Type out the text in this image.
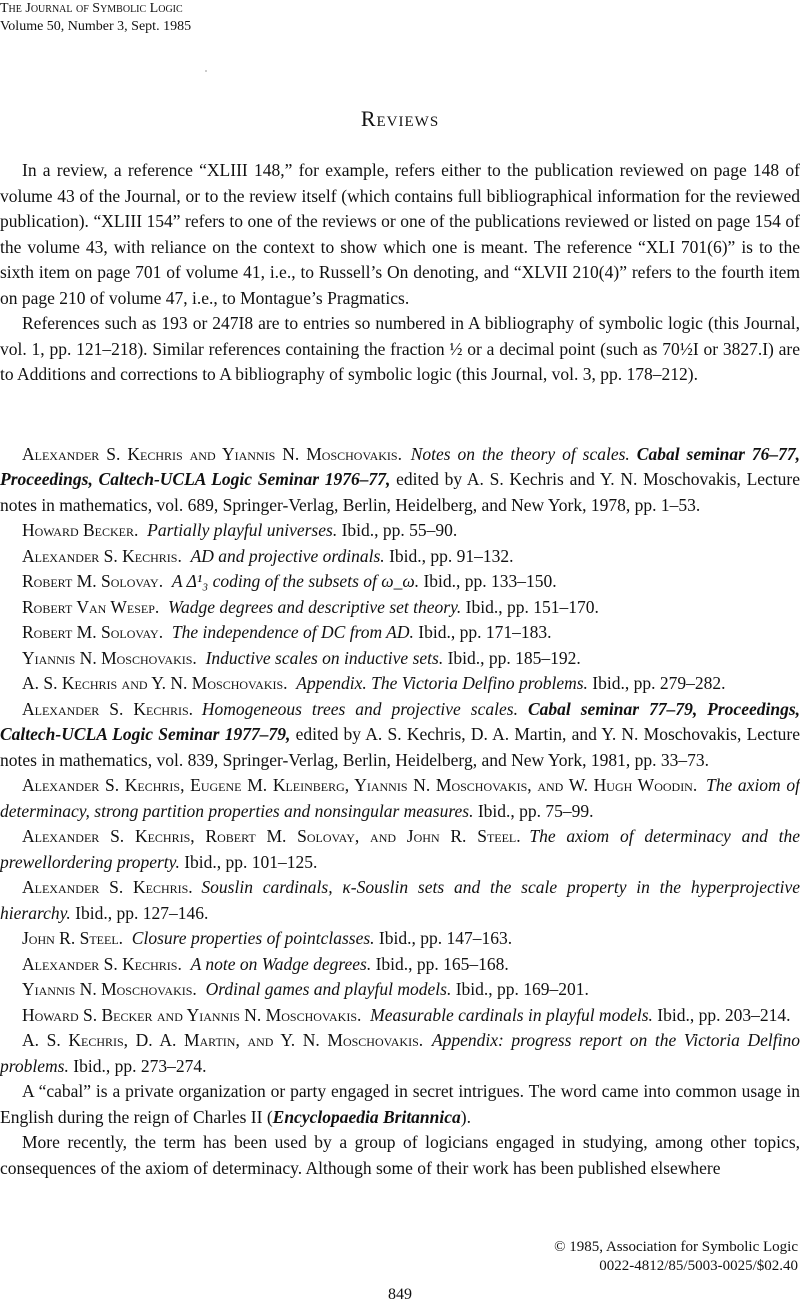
The Journal of Symbolic Logic
Volume 50, Number 3, Sept. 1985
Reviews

In a review, a reference “XLIII 148,” for example, refers either to the publication reviewed on page 148 of volume 43 of the Journal, or to the review itself (which contains full bibliographical information for the reviewed publication). “XLIII 154” refers to one of the reviews or one of the publications reviewed or listed on page 154 of the volume 43, with reliance on the context to show which one is meant. The reference “XLI 701(6)” is to the sixth item on page 701 of volume 41, i.e., to Russell’s On denoting, and “XLVII 210(4)” refers to the fourth item on page 210 of volume 47, i.e., to Montague’s Pragmatics.

References such as 193 or 247I8 are to entries so numbered in A bibliography of symbolic logic (this Journal, vol. 1, pp. 121–218). Similar references containing the fraction ½ or a decimal point (such as 70½I or 3827.I) are to Additions and corrections to A bibliography of symbolic logic (this Journal, vol. 3, pp. 178–212).

Alexander S. Kechris and Yiannis N. Moschovakis.  Notes on the theory of scales. Cabal seminar 76–77, Proceedings, Caltech-UCLA Logic Seminar 1976–77, edited by A. S. Kechris and Y. N. Moschovakis, Lecture notes in mathematics, vol. 689, Springer-Verlag, Berlin, Heidelberg, and New York, 1978, pp. 1–53.

Howard Becker.  Partially playful universes. Ibid., pp. 55–90.

Alexander S. Kechris.  AD and projective ordinals. Ibid., pp. 91–132.

Robert M. Solovay.  A Δ¹₃ coding of the subsets of ω_ω. Ibid., pp. 133–150.

Robert Van Wesep.  Wadge degrees and descriptive set theory. Ibid., pp. 151–170.

Robert M. Solovay.  The independence of DC from AD. Ibid., pp. 171–183.

Yiannis N. Moschovakis.  Inductive scales on inductive sets. Ibid., pp. 185–192.

A. S. Kechris and Y. N. Moschovakis.  Appendix. The Victoria Delfino problems. Ibid., pp. 279–282.

Alexander S. Kechris.  Homogeneous trees and projective scales. Cabal seminar 77–79, Proceedings, Caltech-UCLA Logic Seminar 1977–79, edited by A. S. Kechris, D. A. Martin, and Y. N. Moschovakis, Lecture notes in mathematics, vol. 839, Springer-Verlag, Berlin, Heidelberg, and New York, 1981, pp. 33–73.

Alexander S. Kechris, Eugene M. Kleinberg, Yiannis N. Moschovakis, and W. Hugh Woodin.  The axiom of determinacy, strong partition properties and nonsingular measures. Ibid., pp. 75–99.

Alexander S. Kechris, Robert M. Solovay, and John R. Steel.  The axiom of determinacy and the prewellordering property. Ibid., pp. 101–125.

Alexander S. Kechris.  Souslin cardinals, κ-Souslin sets and the scale property in the hyperprojective hierarchy. Ibid., pp. 127–146.

John R. Steel.  Closure properties of pointclasses. Ibid., pp. 147–163.

Alexander S. Kechris.  A note on Wadge degrees. Ibid., pp. 165–168.

Yiannis N. Moschovakis.  Ordinal games and playful models. Ibid., pp. 169–201.

Howard S. Becker and Yiannis N. Moschovakis.  Measurable cardinals in playful models. Ibid., pp. 203–214.

A. S. Kechris, D. A. Martin, and Y. N. Moschovakis.  Appendix: progress report on the Victoria Delfino problems. Ibid., pp. 273–274.

A “cabal” is a private organization or party engaged in secret intrigues. The word came into common usage in English during the reign of Charles II (Encyclopaedia Britannica).

More recently, the term has been used by a group of logicians engaged in studying, among other topics, consequences of the axiom of determinacy. Although some of their work has been published elsewhere

© 1985, Association for Symbolic Logic
0022-4812/85/5003-0025/$02.40
849
